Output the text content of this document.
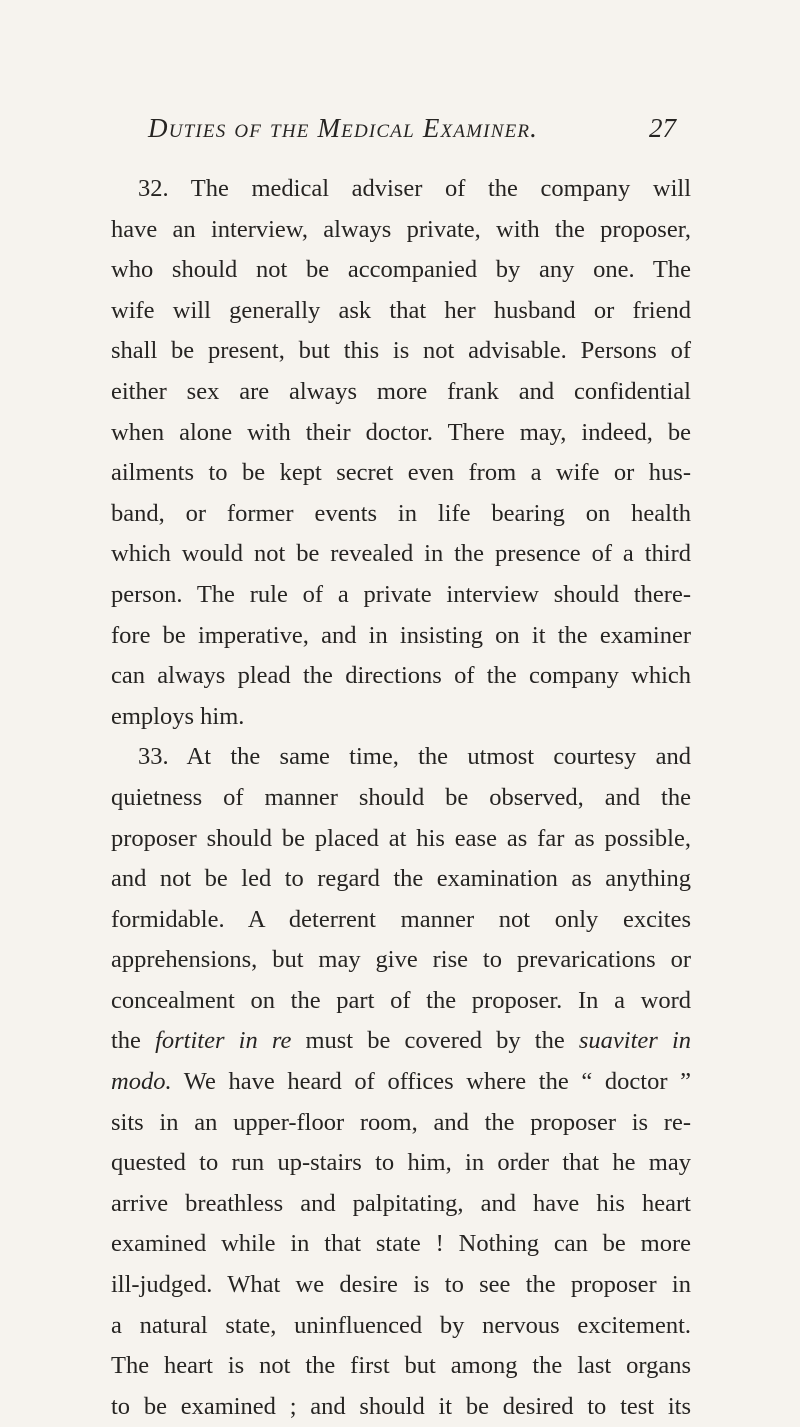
Duties of the Medical Examiner.	27
32. The medical adviser of the company will
have an interview, always private, with the proposer,
who should not be accompanied by any one. The
wife will generally ask that her husband or friend
shall be present, but this is not advisable. Persons of
either sex are always more frank and confidential
when alone with their doctor. There may, indeed, be
ailments to be kept secret even from a wife or hus-
band, or former events in life bearing on health
which would not be revealed in the presence of a third
person. The rule of a private interview should there-
fore be imperative, and in insisting on it the examiner
can always plead the directions of the company which
employs him.
33. At the same time, the utmost courtesy and
quietness of manner should be observed, and the
proposer should be placed at his ease as far as possible,
and not be led to regard the examination as anything
formidable. A deterrent manner not only excites
apprehensions, but may give rise to prevarications or
concealment on the part of the proposer. In a word
the fortiter in re must be covered by the suaviter in
modo. We have heard of offices where the “ doctor ”
sits in an upper-floor room, and the proposer is re-
quested to run up-stairs to him, in order that he may
arrive breathless and palpitating, and have his heart
examined while in that state ! Nothing can be more
ill-judged. What we desire is to see the proposer in
a natural state, uninfluenced by nervous excitement.
The heart is not the first but among the last organs
to be examined ; and should it be desired to test its
